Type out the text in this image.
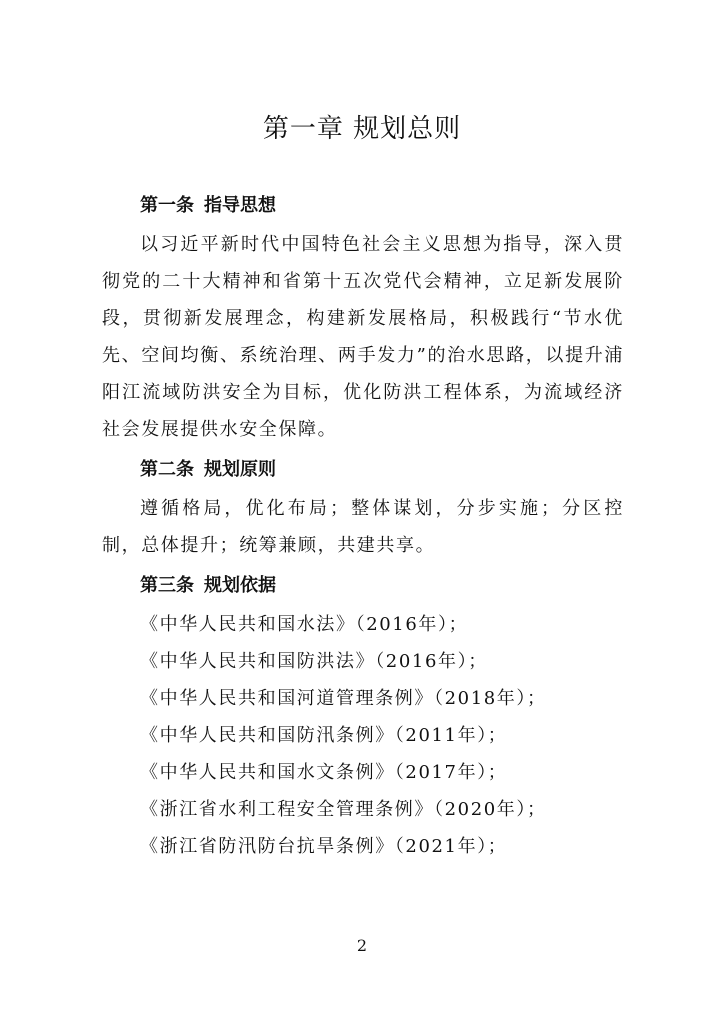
第一章 规划总则
第一条 指导思想

以习近平新时代中国特色社会主义思想为指导，深入贯彻党的二十大精神和省第十五次党代会精神，立足新发展阶段，贯彻新发展理念，构建新发展格局，积极践行“节水优先、空间均衡、系统治理、两手发力”的治水思路，以提升浦阳江流域防洪安全为目标，优化防洪工程体系，为流域经济社会发展提供水安全保障。

第二条 规划原则

遵循格局，优化布局；整体谋划，分步实施；分区控制，总体提升；统筹兼顾，共建共享。

第三条 规划依据
《中华人民共和国水法》（2016年）；
《中华人民共和国防洪法》（2016年）；
《中华人民共和国河道管理条例》（2018年）；
《中华人民共和国防汛条例》（2011年）；
《中华人民共和国水文条例》（2017年）；
《浙江省水利工程安全管理条例》（2020年）；
《浙江省防汛防台抗旱条例》（2021年）；
2
